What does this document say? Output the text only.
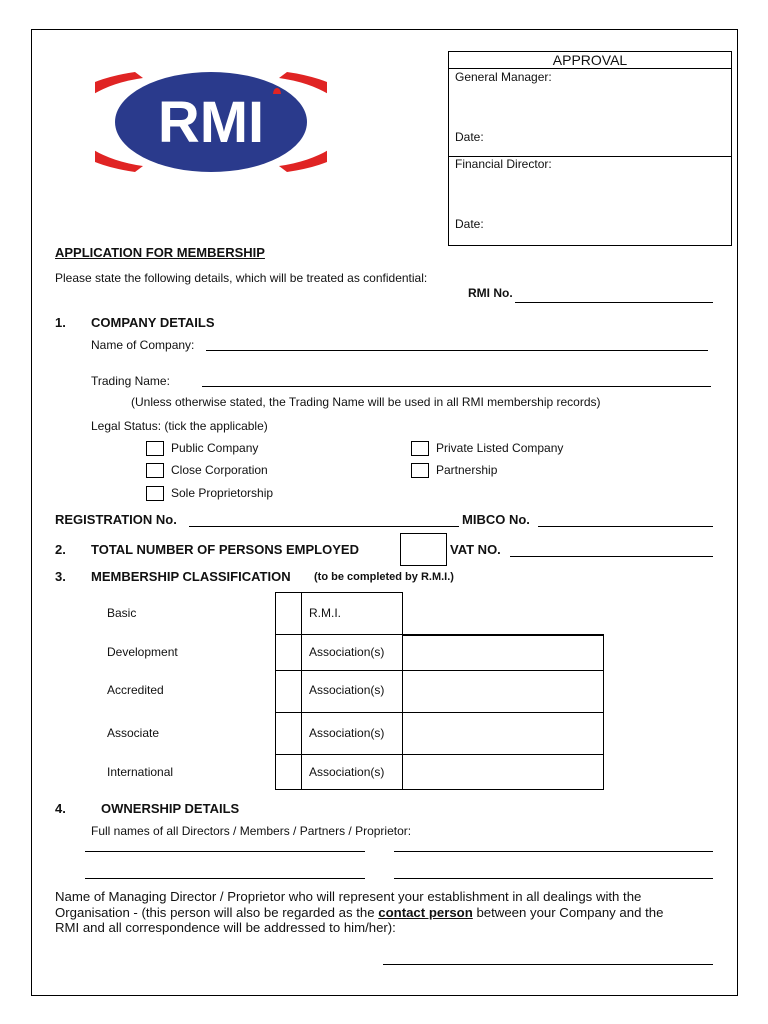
RMI
APPROVAL
General Manager:
Date:
Financial Director:
Date:
APPLICATION FOR MEMBERSHIP
Please state the following details, which will be treated as confidential:
RMI No.
1. COMPANY DETAILS
Name of Company:
Trading Name:
(Unless otherwise stated, the Trading Name will be used in all RMI membership records)
Legal Status: (tick the applicable)
Public Company
Close Corporation
Sole Proprietorship
Private Listed Company
Partnership
REGISTRATION No.	MIBCO No.
2. TOTAL NUMBER OF PERSONS EMPLOYED	VAT NO.
3. MEMBERSHIP CLASSIFICATION (to be completed by R.M.I.)
Basic	R.M.I.
Development	Association(s)
Accredited	Association(s)
Associate	Association(s)
International	Association(s)
4.	OWNERSHIP DETAILS
Full names of all Directors / Members / Partners / Proprietor:
Name of Managing Director / Proprietor who will represent your establishment in all dealings with the
Organisation - (this person will also be regarded as the contact person between your Company and the
RMI and all correspondence will be addressed to him/her):
